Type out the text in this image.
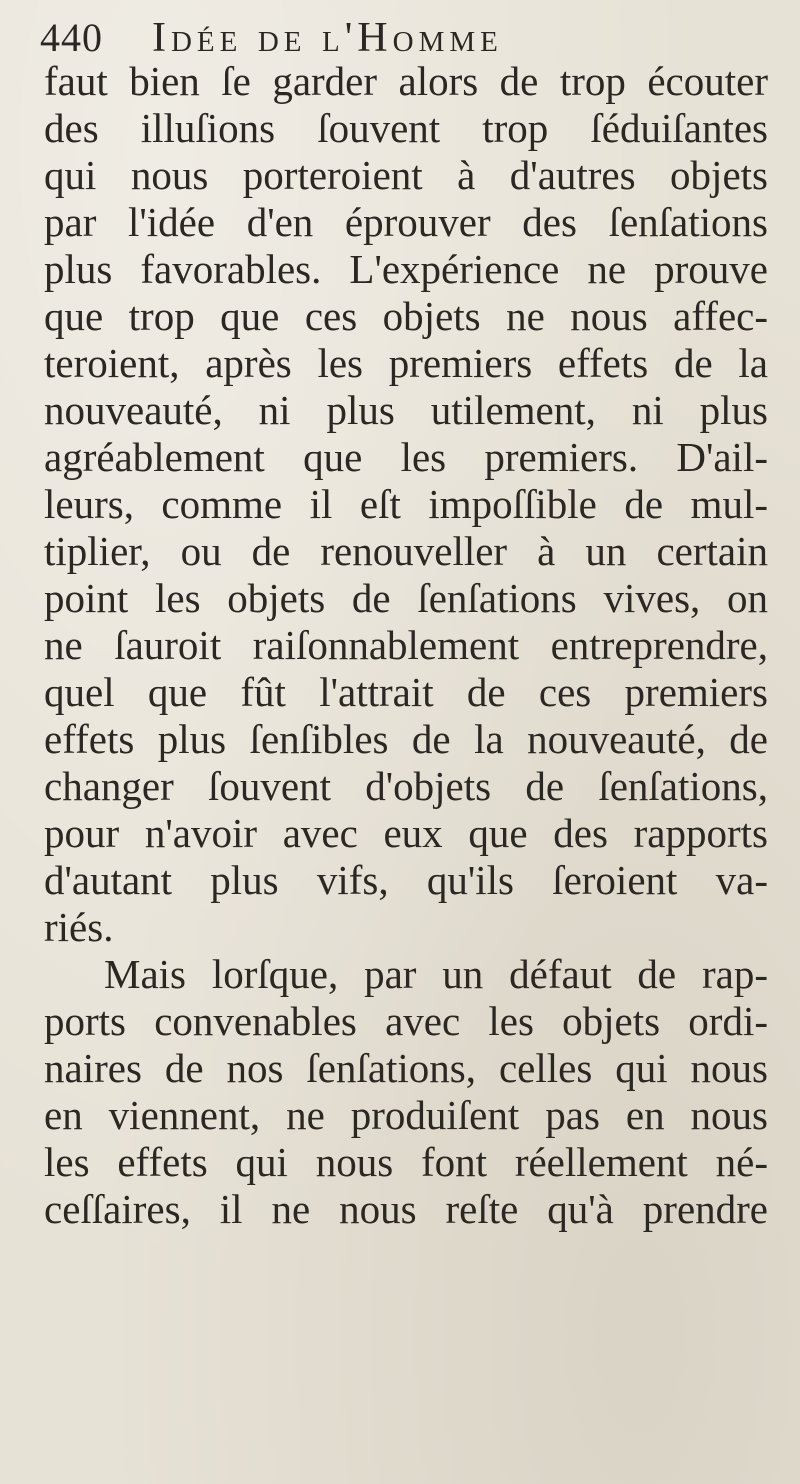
440	Idée de l'Homme
faut bien ſe garder alors de trop écouter
des illuſions ſouvent trop ſéduiſantes
qui nous porteroient à d'autres objets
par l'idée d'en éprouver des ſenſations
plus favorables. L'expérience ne prouve
que trop que ces objets ne nous affec-
teroient, après les premiers effets de la
nouveauté, ni plus utilement, ni plus
agréablement que les premiers. D'ail-
leurs, comme il eſt impoſſible de mul-
tiplier, ou de renouveller à un certain
point les objets de ſenſations vives, on
ne ſauroit raiſonnablement entreprendre,
quel que fût l'attrait de ces premiers
effets plus ſenſibles de la nouveauté, de
changer ſouvent d'objets de ſenſations,
pour n'avoir avec eux que des rapports
d'autant plus vifs, qu'ils ſeroient va-
riés.
Mais lorſque, par un défaut de rap-
ports convenables avec les objets ordi-
naires de nos ſenſations, celles qui nous
en viennent, ne produiſent pas en nous
les effets qui nous font réellement né-
ceſſaires, il ne nous reſte qu'à prendre
